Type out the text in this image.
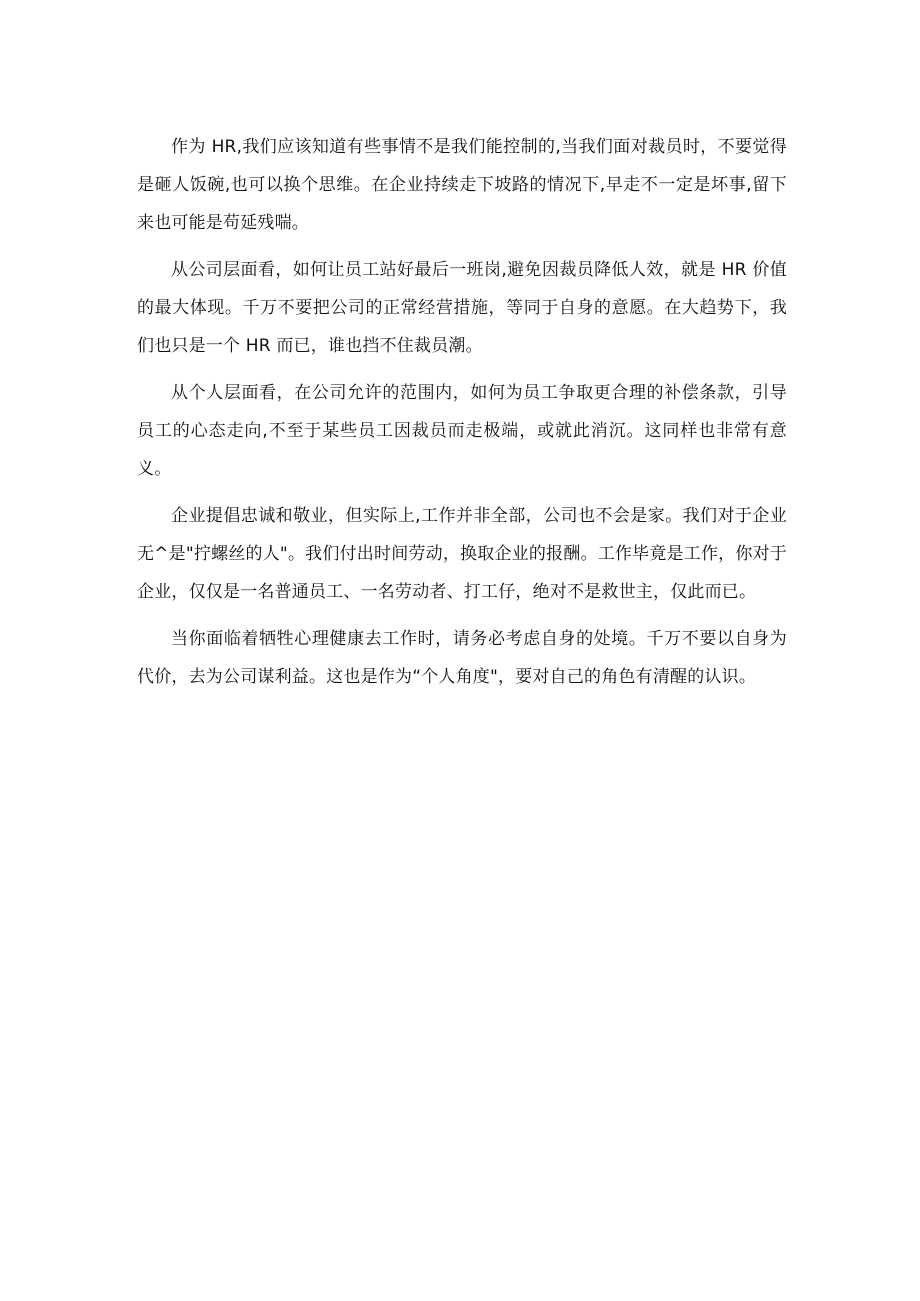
作为 HR,我们应该知道有些事情不是我们能控制的,当我们面对裁员时，不要觉得是砸人饭碗,也可以换个思维。在企业持续走下坡路的情况下,早走不一定是坏事,留下来也可能是苟延残喘。

从公司层面看，如何让员工站好最后一班岗,避免因裁员降低人效，就是 HR 价值的最大体现。千万不要把公司的正常经营措施，等同于自身的意愿。在大趋势下，我们也只是一个 HR 而已，谁也挡不住裁员潮。

从个人层面看，在公司允许的范围内，如何为员工争取更合理的补偿条款，引导员工的心态走向,不至于某些员工因裁员而走极端，或就此消沉。这同样也非常有意义。

企业提倡忠诚和敬业，但实际上,工作并非全部，公司也不会是家。我们对于企业无^是"拧螺丝的人"。我们付出时间劳动，换取企业的报酬。工作毕竟是工作，你对于企业，仅仅是一名普通员工、一名劳动者、打工仔，绝对不是救世主，仅此而已。

当你面临着牺牲心理健康去工作时，请务必考虑自身的处境。千万不要以自身为代价，去为公司谋利益。这也是作为“个人角度"，要对自己的角色有清醒的认识。
